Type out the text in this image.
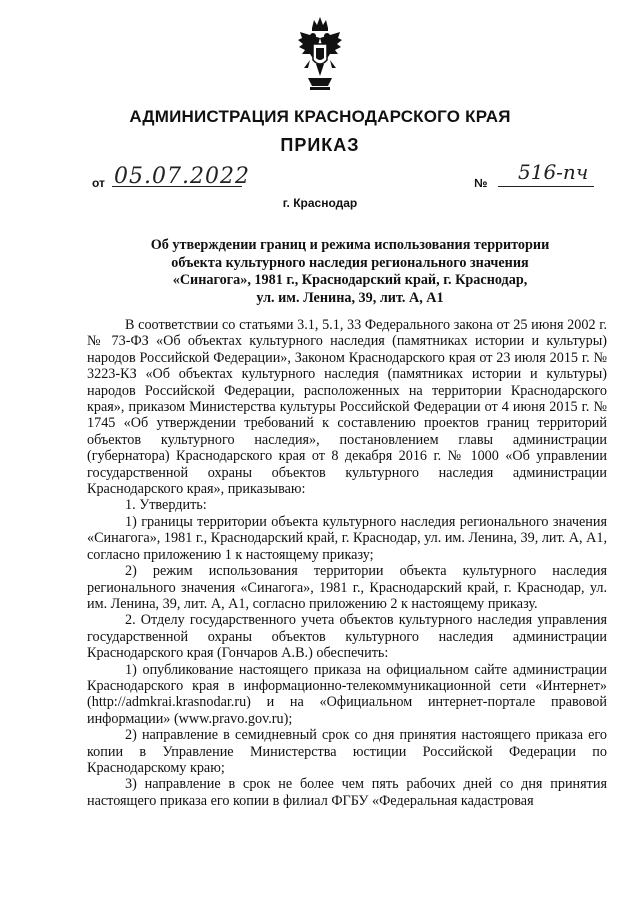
АДМИНИСТРАЦИЯ КРАСНОДАРСКОГО КРАЯ
ПРИКАЗ
от 05.07.2022	№ 516-пч
г. Краснодар
Об утверждении границ и режима использования территории
объекта культурного наследия регионального значения
«Синагога», 1981 г., Краснодарский край, г. Краснодар,
ул. им. Ленина, 39, лит. А, А1

В соответствии со статьями 3.1, 5.1, 33 Федерального закона от 25 июня 2002 г. № 73-ФЗ «Об объектах культурного наследия (памятниках истории и культуры) народов Российской Федерации», Законом Краснодарского края от 23 июля 2015 г. № 3223-КЗ «Об объектах культурного наследия (памятниках истории и культуры) народов Российской Федерации, расположенных на территории Краснодарского края», приказом Министерства культуры Российской Федерации от 4 июня 2015 г. № 1745 «Об утверждении требований к составлению проектов границ территорий объектов культурного наследия», постановлением главы администрации (губернатора) Краснодарского края от 8 декабря 2016 г. № 1000 «Об управлении государственной охраны объектов культурного наследия администрации Краснодарского края», приказываю:

1. Утвердить:

1) границы территории объекта культурного наследия регионального значения «Синагога», 1981 г., Краснодарский край, г. Краснодар, ул. им. Ленина, 39, лит. А, А1, согласно приложению 1 к настоящему приказу;

2) режим использования территории объекта культурного наследия регионального значения «Синагога», 1981 г., Краснодарский край, г. Краснодар, ул. им. Ленина, 39, лит. А, А1, согласно приложению 2 к настоящему приказу.

2. Отделу государственного учета объектов культурного наследия управления государственной охраны объектов культурного наследия администрации Краснодарского края (Гончаров А.В.) обеспечить:

1) опубликование настоящего приказа на официальном сайте администрации Краснодарского края в информационно-телекоммуникационной сети «Интернет» (http://admkrai.krasnodar.ru) и на «Официальном интернет-портале правовой информации» (www.pravo.gov.ru);

2) направление в семидневный срок со дня принятия настоящего приказа его копии в Управление Министерства юстиции Российской Федерации по Краснодарскому краю;

3) направление в срок не более чем пять рабочих дней со дня принятия настоящего приказа его копии в филиал ФГБУ «Федеральная кадастровая
